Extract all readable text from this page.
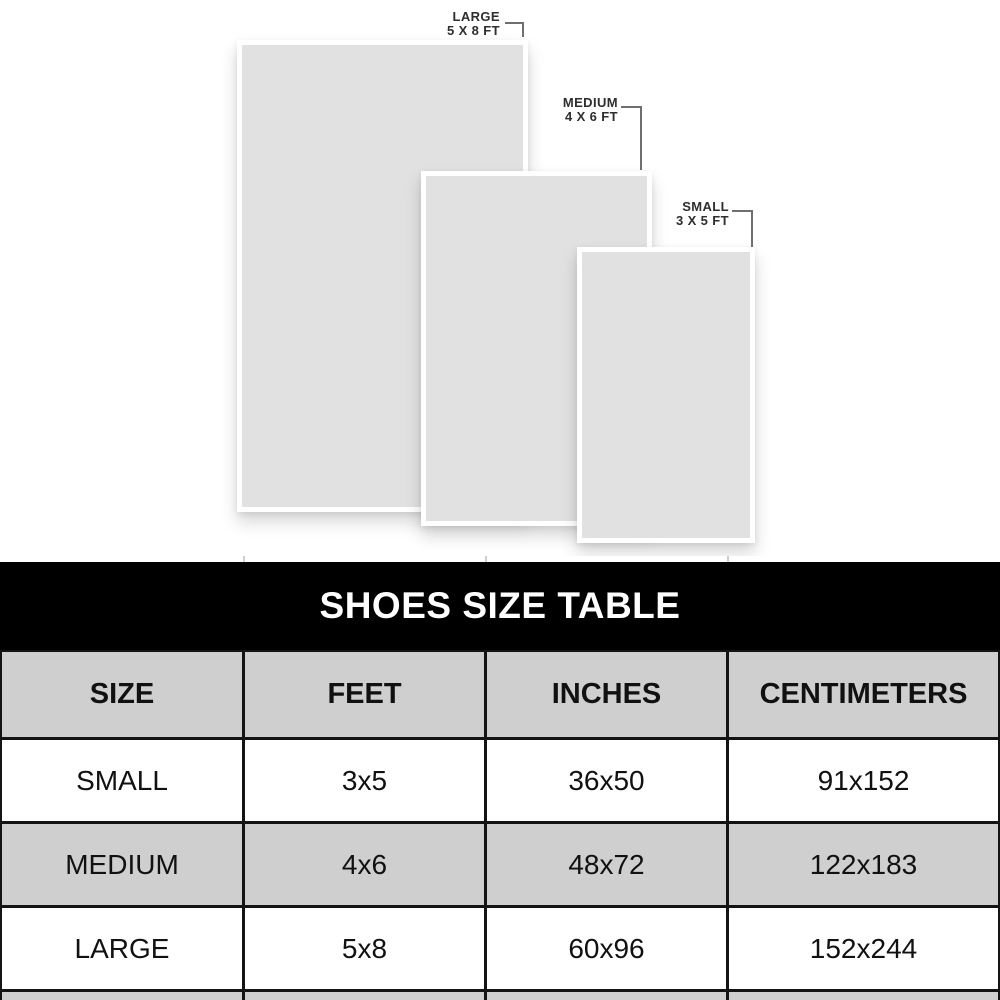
LARGE
5 X 8 FT
MEDIUM
4 X 6 FT
SMALL
3 X 5 FT
SHOES SIZE TABLE
SIZE	FEET	INCHES	CENTIMETERS
SMALL	3x5	36x50	91x152
MEDIUM	4x6	48x72	122x183
LARGE	5x8	60x96	152x244
